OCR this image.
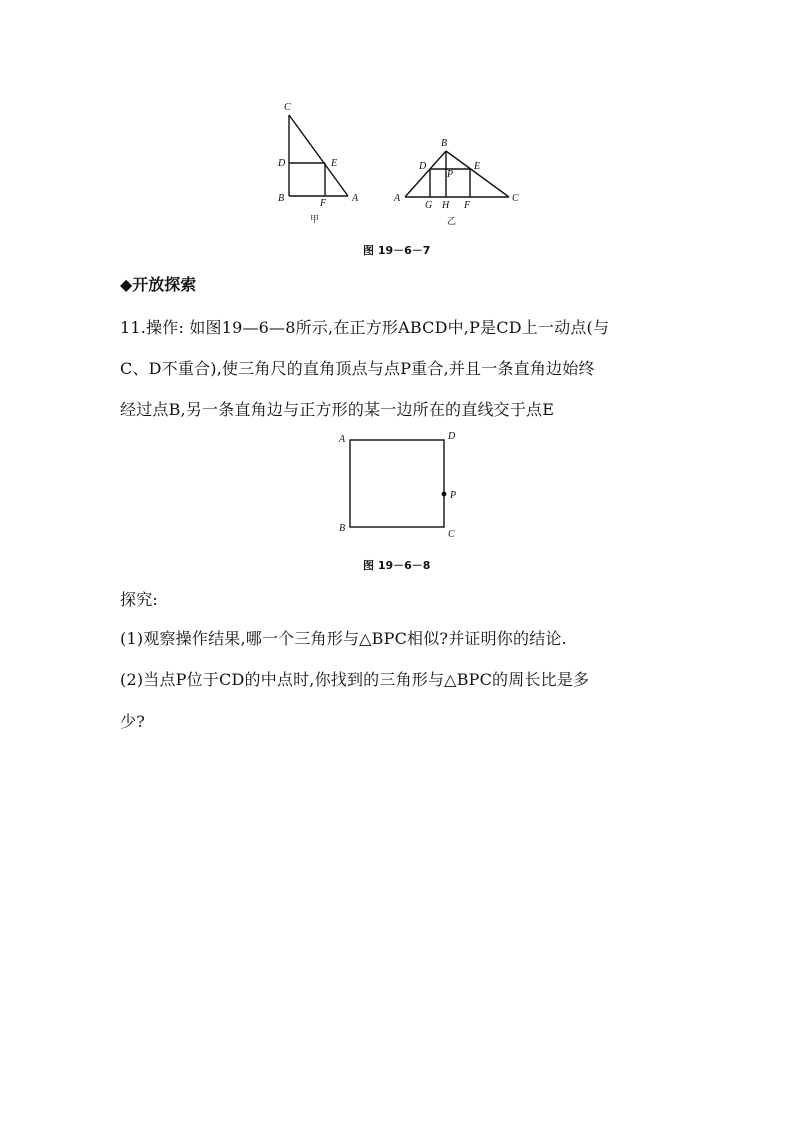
C
D	E
B	F	A
甲
B
D	E
P
A
G H F
C
乙
图 19－6－7
◆开放探索
11.操作: 如图19—6—8所示,在正方形ABCD中,P是CD上一动点(与
C、D不重合),使三角尺的直角顶点与点P重合,并且一条直角边始终
经过点B,另一条直角边与正方形的某一边所在的直线交于点E
A	D
P
B
C
图 19－6－8
探究:
(1)观察操作结果,哪一个三角形与△BPC相似?并证明你的结论.
(2)当点P位于CD的中点时,你找到的三角形与△BPC的周长比是多
少?
